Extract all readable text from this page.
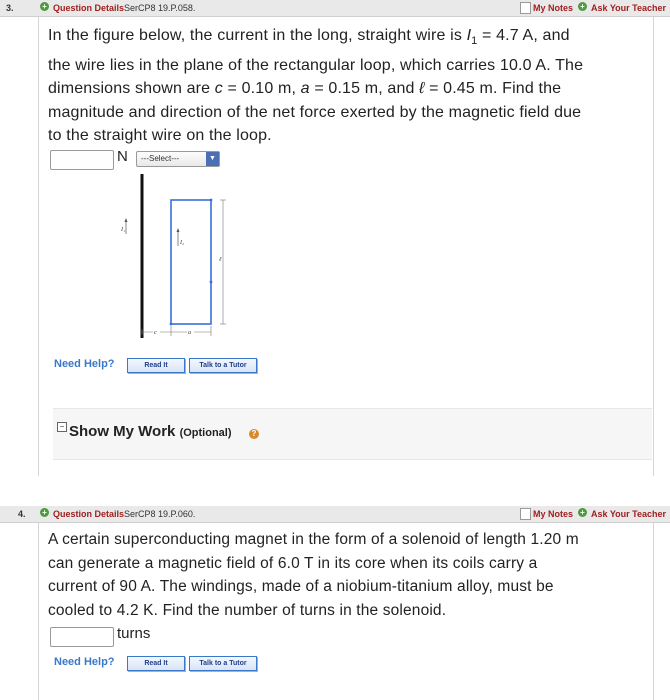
3.	+ Question Details SerCP8 19.P.058.	My Notes + Ask Your Teacher
In the figure below, the current in the long, straight wire is $I_1 = 4.7$ A, and
the wire lies in the plane of the rectangular loop, which carries 10.0 A. The
dimensions shown are c = 0.10 m, a = 0.15 m, and ℓ = 0.45 m. Find the
magnitude and direction of the net force exerted by the magnetic field due
to the straight wire on the loop.
N ---Select---	▼
I₁
I₂
ℓ
c	a
Need Help?	Read It	Talk to a Tutor
− Show My Work (Optional)	?
4. + Question Details SerCP8 19.P.060.	My Notes + Ask Your Teacher
A certain superconducting magnet in the form of a solenoid of length 1.20 m
can generate a magnetic field of 6.0 T in its core when its coils carry a
current of 90 A. The windings, made of a niobium-titanium alloy, must be
cooled to 4.2 K. Find the number of turns in the solenoid.
turns
Need Help?	Read It	Talk to a Tutor
